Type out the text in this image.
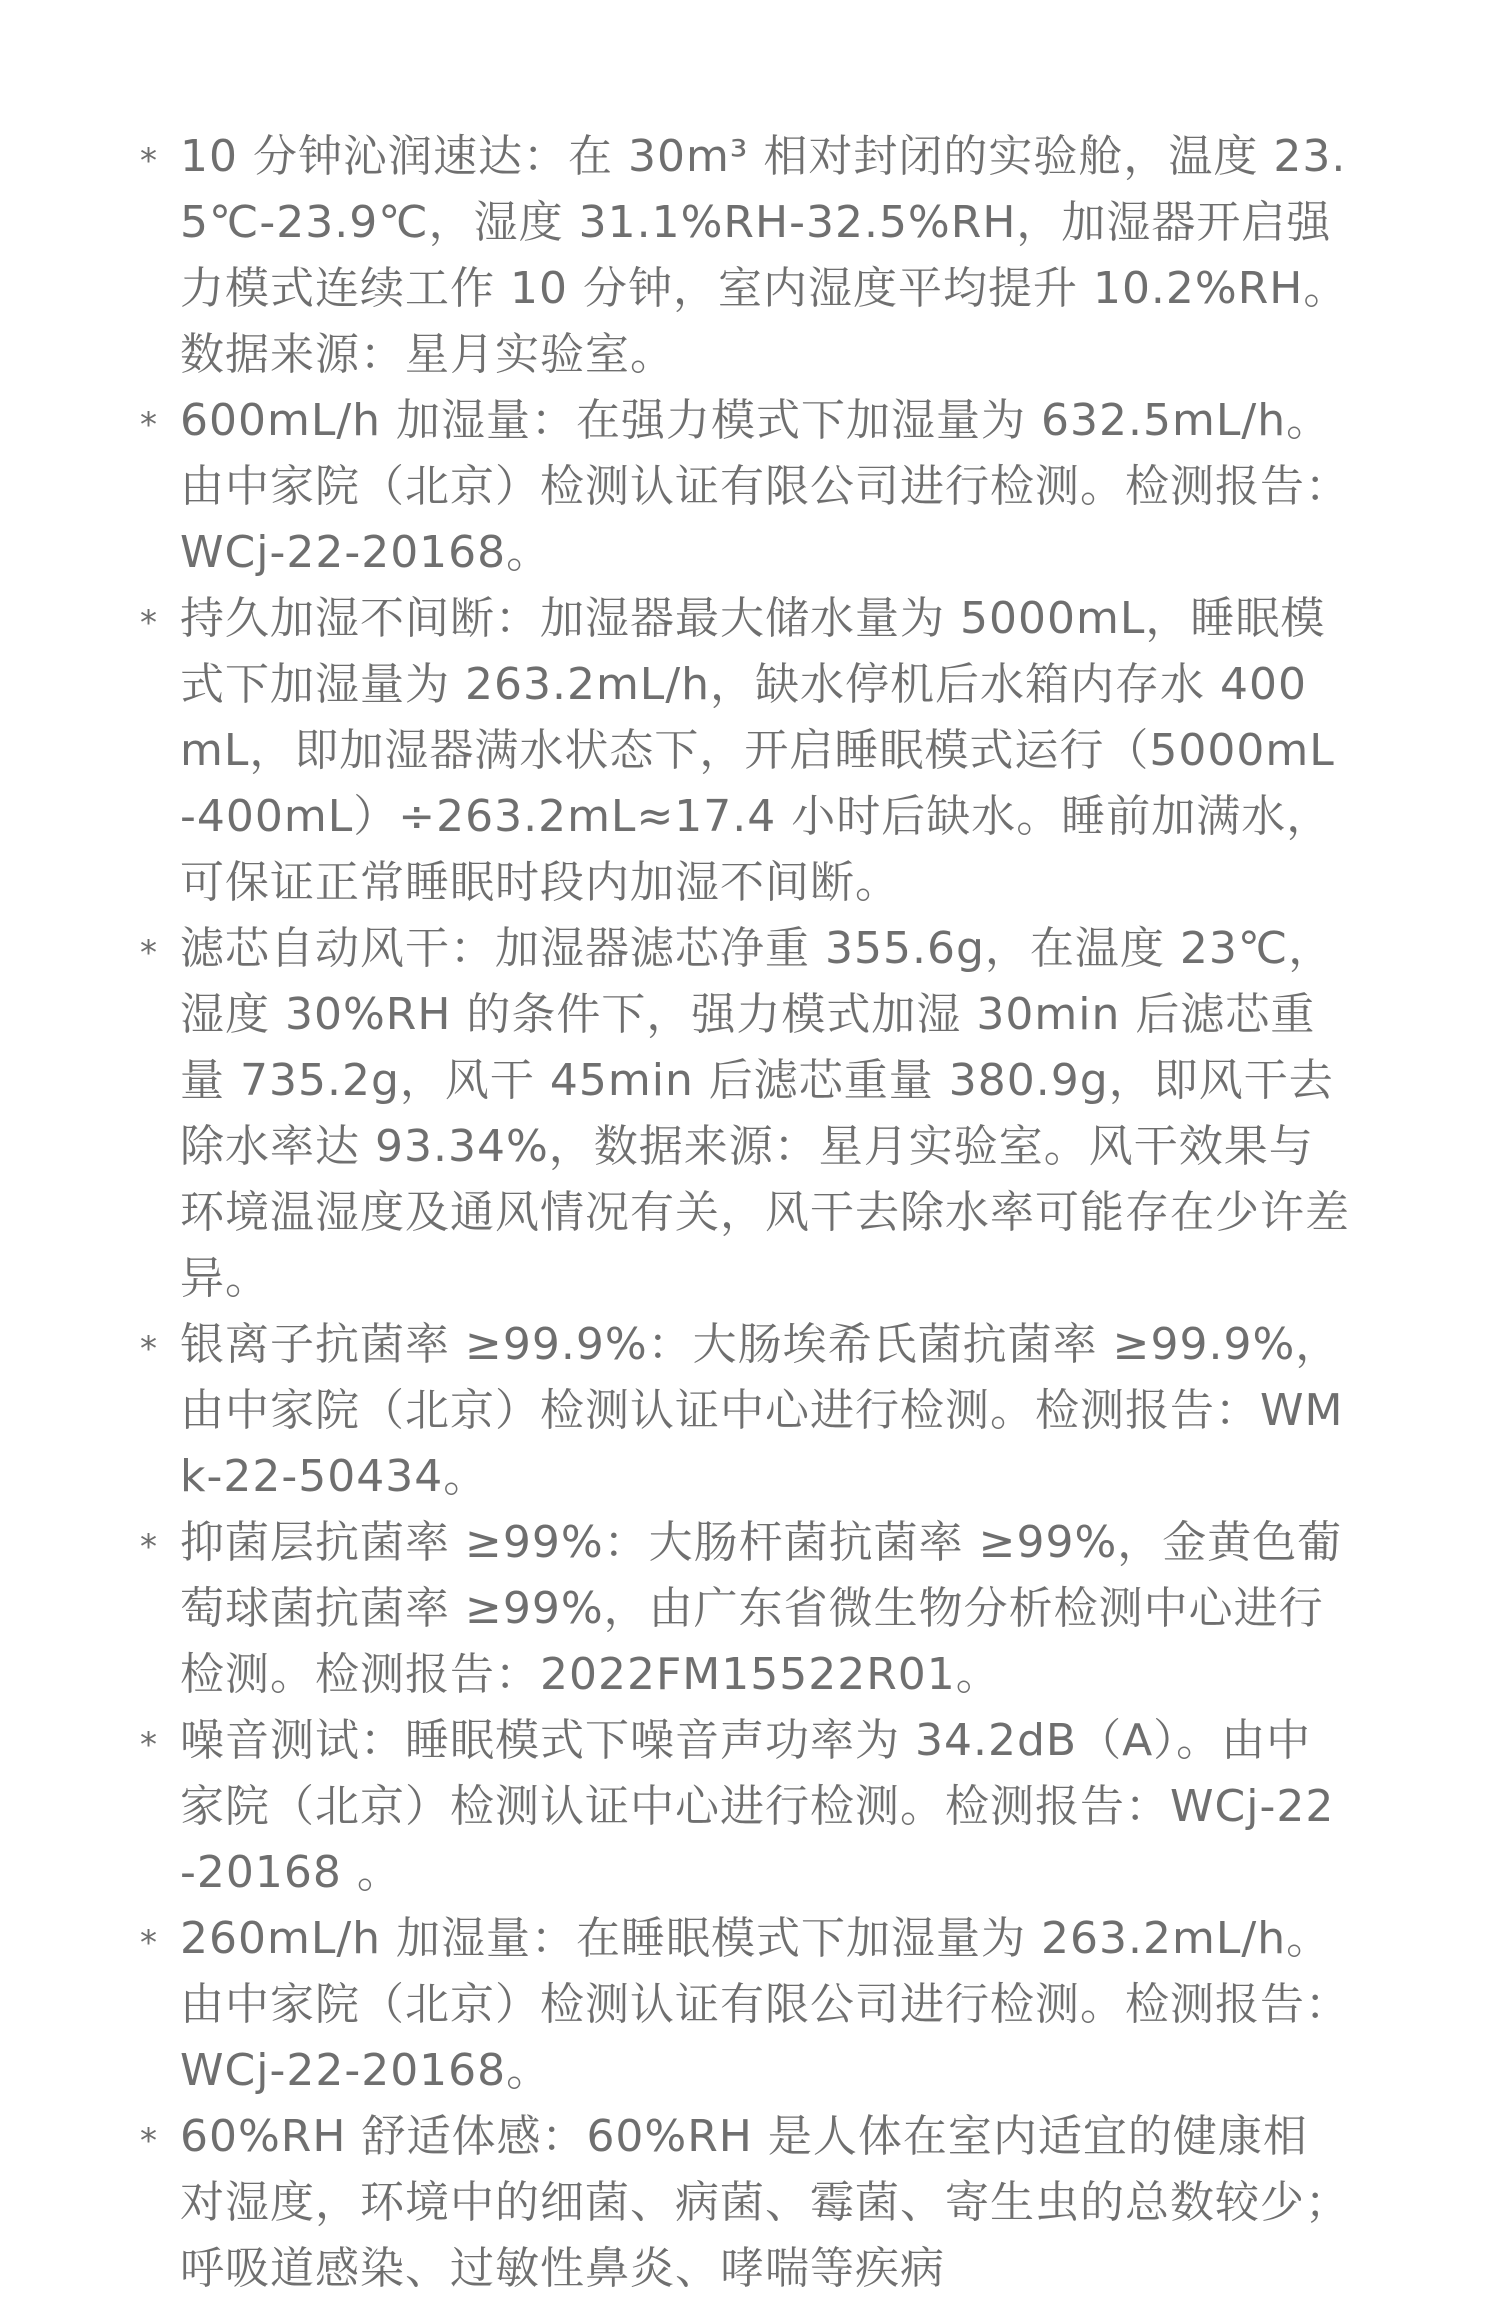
* 10 分钟沁润速达：在 30m³ 相对封闭的实验舱，温度 23.5℃-23.9℃，湿度 31.1%RH-32.5%RH，加湿器开启强力模式连续工作 10 分钟，室内湿度平均提升 10.2%RH。数据来源：星月实验室。
* 600mL/h 加湿量：在强力模式下加湿量为 632.5mL/h。由中家院（北京）检测认证有限公司进行检测。检测报告：WCj-22-20168。
* 持久加湿不间断：加湿器最大储水量为 5000mL，睡眠模式下加湿量为 263.2mL/h，缺水停机后水箱内存水 400mL，即加湿器满水状态下，开启睡眠模式运行（5000mL-400mL）÷263.2mL≈17.4 小时后缺水。睡前加满水，可保证正常睡眠时段内加湿不间断。
* 滤芯自动风干：加湿器滤芯净重 355.6g，在温度 23℃，湿度 30%RH 的条件下，强力模式加湿 30min 后滤芯重量 735.2g，风干 45min 后滤芯重量 380.9g，即风干去除水率达 93.34%，数据来源：星月实验室。风干效果与环境温湿度及通风情况有关，风干去除水率可能存在少许差异。
* 银离子抗菌率 ≥99.9%：大肠埃希氏菌抗菌率 ≥99.9%，由中家院（北京）检测认证中心进行检测。检测报告：WMk-22-50434。
* 抑菌层抗菌率 ≥99%：大肠杆菌抗菌率 ≥99%，金黄色葡萄球菌抗菌率 ≥99%，由广东省微生物分析检测中心进行检测。检测报告：2022FM15522R01。
* 噪音测试：睡眠模式下噪音声功率为 34.2dB（A）。由中家院（北京）检测认证中心进行检测。检测报告：WCj-22-20168 。
* 260mL/h 加湿量：在睡眠模式下加湿量为 263.2mL/h。由中家院（北京）检测认证有限公司进行检测。检测报告：WCj-22-20168。
* 60%RH 舒适体感：60%RH 是人体在室内适宜的健康相对湿度，环境中的细菌、病菌、霉菌、寄生虫的总数较少；呼吸道感染、过敏性鼻炎、哮喘等疾病
